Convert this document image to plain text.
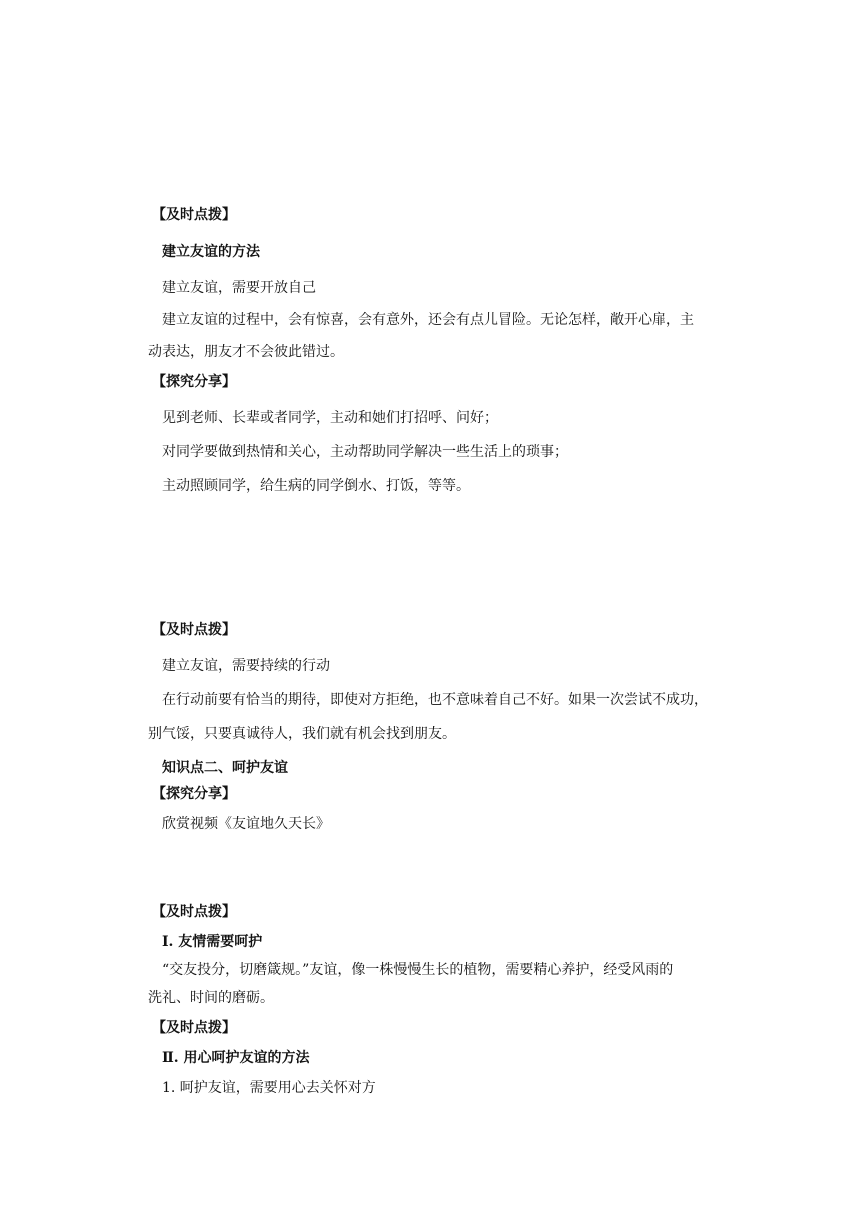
【及时点拨】
建立友谊的方法
建立友谊，需要开放自己
建立友谊的过程中，会有惊喜，会有意外，还会有点儿冒险。无论怎样，敞开心扉，主
动表达，朋友才不会彼此错过。
【探究分享】
见到老师、长辈或者同学，主动和她们打招呼、问好；
对同学要做到热情和关心，主动帮助同学解决一些生活上的琐事；
主动照顾同学，给生病的同学倒水、打饭，等等。
【及时点拨】
建立友谊，需要持续的行动
在行动前要有恰当的期待，即使对方拒绝，也不意味着自己不好。如果一次尝试不成功，
别气馁，只要真诚待人，我们就有机会找到朋友。
知识点二、呵护友谊
【探究分享】
欣赏视频《友谊地久天长》
【及时点拨】
Ⅰ. 友情需要呵护
“交友投分，切磨箴规。”友谊，像一株慢慢生长的植物，需要精心养护，经受风雨的
洗礼、时间的磨砺。
【及时点拨】
Ⅱ. 用心呵护友谊的方法
1. 呵护友谊，需要用心去关怀对方
